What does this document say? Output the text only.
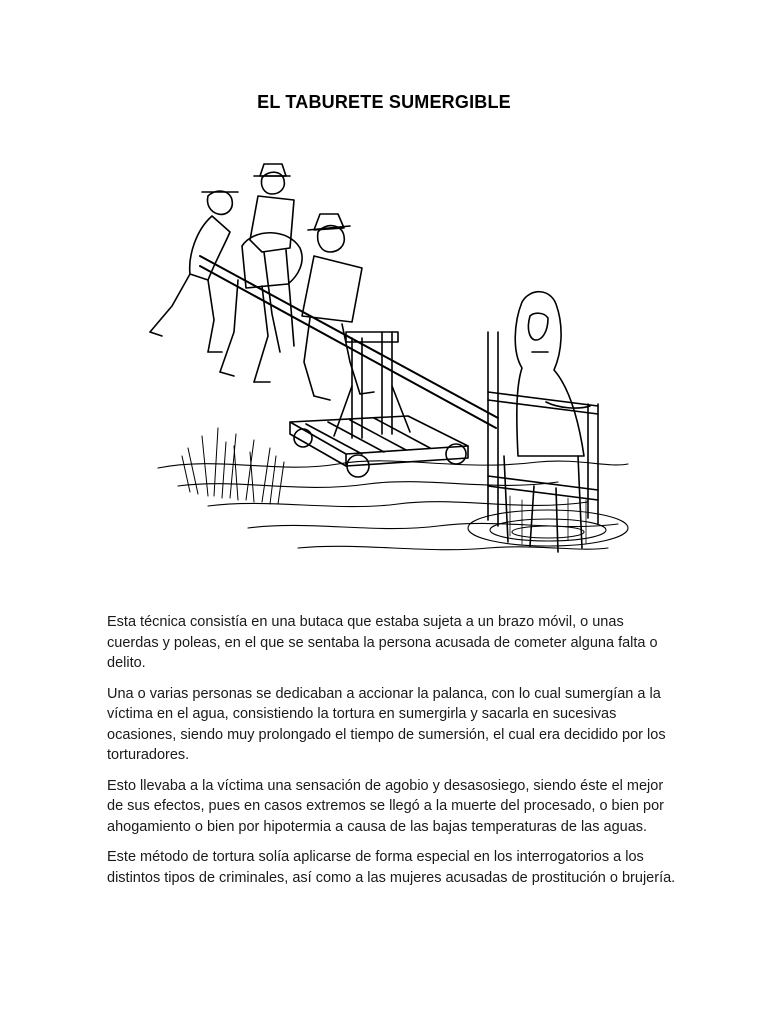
EL TABURETE SUMERGIBLE

Esta técnica consistía en una butaca que estaba sujeta a un brazo móvil, o unas cuerdas y poleas, en el que se sentaba la persona acusada de cometer alguna falta o delito.

Una o varias personas se dedicaban a accionar la palanca, con lo cual sumergían a la víctima en el agua, consistiendo la tortura en sumergirla y sacarla en sucesivas ocasiones, siendo muy prolongado el tiempo de sumersión, el cual era decidido por los torturadores.

Esto llevaba a la víctima una sensación de agobio y desasosiego, siendo éste el mejor de sus efectos, pues en casos extremos se llegó a la muerte del procesado, o bien por ahogamiento o bien por hipotermia a causa de las bajas temperaturas de las aguas.

Este método de tortura solía aplicarse de forma especial en los interrogatorios a los distintos tipos de criminales, así como a las mujeres acusadas de prostitución o brujería.
